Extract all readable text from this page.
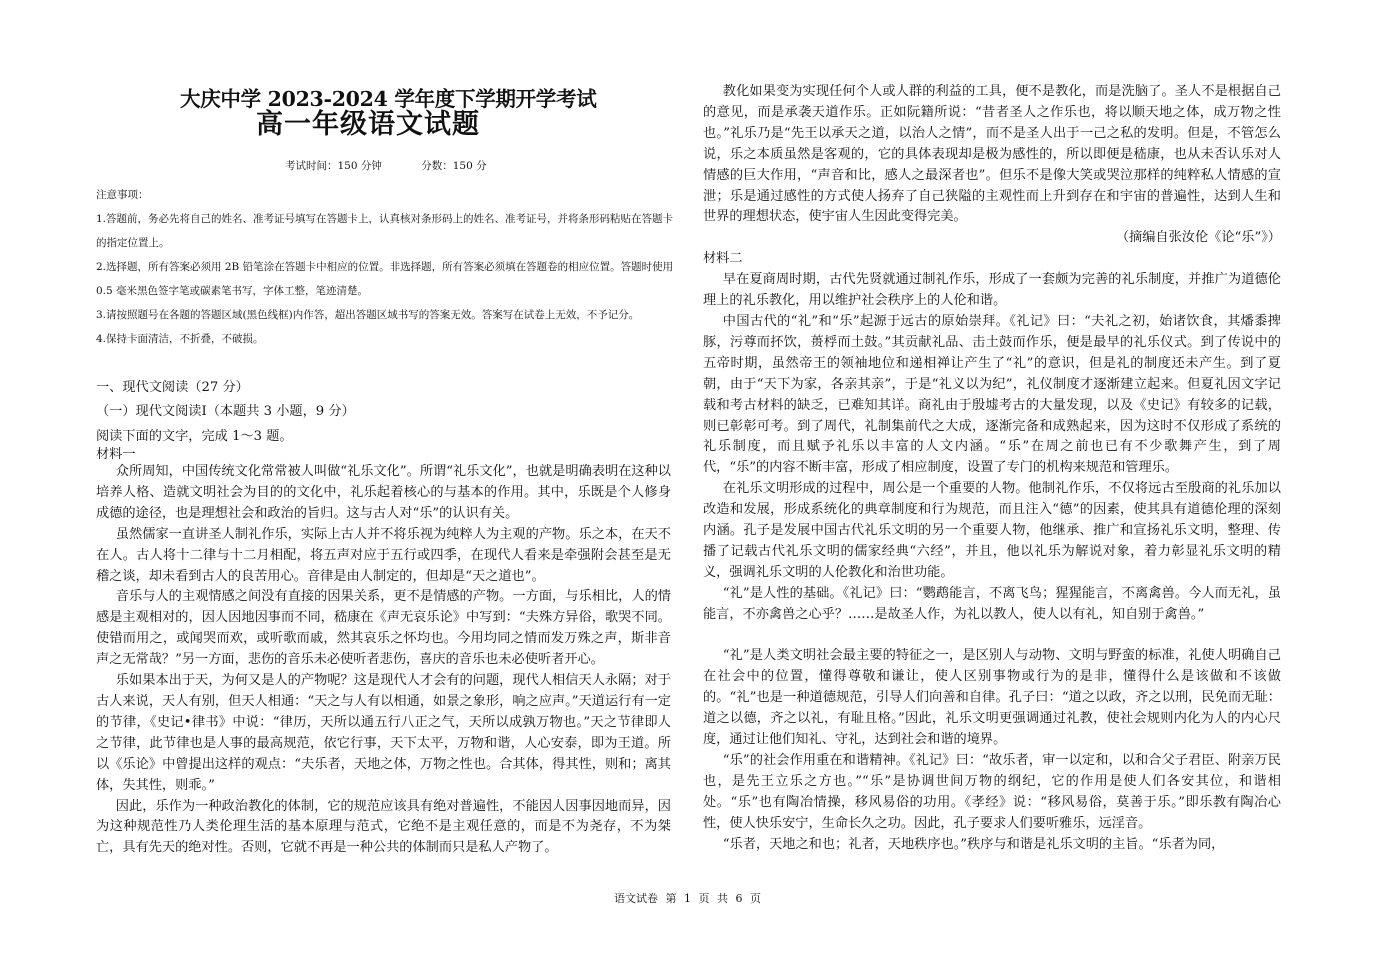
大庆中学 2023-2024 学年度下学期开学考试
高一年级语文试题
考试时间：150 分钟	分数：150 分

注意事项：

1.答题前，务必先将自己的姓名、准考证号填写在答题卡上，认真核对条形码上的姓名、准考证号，并将条形码粘贴在答题卡的指定位置上。

2.选择题，所有答案必须用 2B 铅笔涂在答题卡中相应的位置。非选择题，所有答案必须填在答题卷的相应位置。答题时使用 0.5 毫米黑色签字笔或碳素笔书写，字体工整，笔迹清楚。

3.请按照题号在各题的答题区域(黑色线框)内作答，超出答题区域书写的答案无效。答案写在试卷上无效，不予记分。

4.保持卡面清洁，不折叠，不破损。

一、现代文阅读（27 分）
（一）现代文阅读Ⅰ（本题共 3 小题，9 分）
阅读下面的文字，完成 1～3 题。
材料一

众所周知，中国传统文化常常被人叫做“礼乐文化”。所谓“礼乐文化”，也就是明确表明在这种以培养人格、造就文明社会为目的的文化中，礼乐起着核心的与基本的作用。其中，乐既是个人修身成德的途径，也是理想社会和政治的旨归。这与古人对“乐”的认识有关。

虽然儒家一直讲圣人制礼作乐，实际上古人并不将乐视为纯粹人为主观的产物。乐之本，在天不在人。古人将十二律与十二月相配，将五声对应于五行或四季，在现代人看来是牵强附会甚至是无稽之谈，却未看到古人的良苦用心。音律是由人制定的，但却是“天之道也”。

音乐与人的主观情感之间没有直接的因果关系，更不是情感的产物。一方面，与乐相比，人的情感是主观相对的，因人因地因事而不同，嵇康在《声无哀乐论》中写到：“夫殊方异俗，歌哭不同。使错而用之，或闻哭而欢，或听歌而戚，然其哀乐之怀均也。今用均同之情而发万殊之声，斯非音声之无常哉？”另一方面，悲伤的音乐未必使听者悲伤，喜庆的音乐也未必使听者开心。

乐如果本出于天，为何又是人的产物呢？这是现代人才会有的问题，现代人相信天人永隔；对于古人来说，天人有别，但天人相通：“天之与人有以相通，如景之象形，响之应声。”天道运行有一定的节律，《史记•律书》中说：“律历，天所以通五行八正之气，天所以成孰万物也。”天之节律即人之节律，此节律也是人事的最高规范，依它行事，天下太平，万物和谐，人心安泰，即为王道。所以《乐论》中曾提出这样的观点：“夫乐者，天地之体，万物之性也。合其体，得其性，则和；离其体，失其性，则乖。”

因此，乐作为一种政治教化的体制，它的规范应该具有绝对普遍性，不能因人因事因地而异，因为这种规范性乃人类伦理生活的基本原理与范式，它绝不是主观任意的，而是不为尧存，不为桀亡，具有先天的绝对性。否则，它就不再是一种公共的体制而只是私人产物了。

教化如果变为实现任何个人或人群的利益的工具，便不是教化，而是洗脑了。圣人不是根据自己的意见，而是承袭天道作乐。正如阮籍所说：“昔者圣人之作乐也，将以顺天地之体，成万物之性也。”礼乐乃是“先王以承天之道，以治人之情”，而不是圣人出于一己之私的发明。但是，不管怎么说，乐之本质虽然是客观的，它的具体表现却是极为感性的，所以即便是嵇康，也从未否认乐对人情感的巨大作用，“声音和比，感人之最深者也”。但乐不是像大笑或哭泣那样的纯粹私人情感的宣泄；乐是通过感性的方式使人扬弃了自己狭隘的主观性而上升到存在和宇宙的普遍性，达到人生和世界的理想状态，使宇宙人生因此变得完美。

（摘编自张汝伦《论“乐”》）

材料二

早在夏商周时期，古代先贤就通过制礼作乐，形成了一套颇为完善的礼乐制度，并推广为道德伦理上的礼乐教化，用以维护社会秩序上的人伦和谐。

中国古代的“礼”和“乐”起源于远古的原始崇拜。《礼记》曰：“夫礼之初，始诸饮食，其燔黍捭豚，污尊而抔饮，蒉桴而土鼓。”其贡献礼品、击土鼓而作乐，便是最早的礼乐仪式。到了传说中的五帝时期，虽然帝王的领袖地位和递相禅让产生了“礼”的意识，但是礼的制度还未产生。到了夏朝，由于“天下为家，各亲其亲”，于是“礼义以为纪”，礼仪制度才逐渐建立起来。但夏礼因文字记载和考古材料的缺乏，已难知其详。商礼由于殷墟考古的大量发现，以及《史记》有较多的记载，则已彰彰可考。到了周代，礼制集前代之大成，逐渐完备和成熟起来，因为这时不仅形成了系统的礼乐制度，而且赋予礼乐以丰富的人文内涵。“乐”在周之前也已有不少歌舞产生，到了周代，“乐”的内容不断丰富，形成了相应制度，设置了专门的机构来规范和管理乐。

在礼乐文明形成的过程中，周公是一个重要的人物。他制礼作乐，不仅将远古至殷商的礼乐加以改造和发展，形成系统化的典章制度和行为规范，而且注入“德”的因素，使其具有道德伦理的深刻内涵。孔子是发展中国古代礼乐文明的另一个重要人物，他继承、推广和宣扬礼乐文明，整理、传播了记载古代礼乐文明的儒家经典“六经”，并且，他以礼乐为解说对象，着力彰显礼乐文明的精义，强调礼乐文明的人伦教化和治世功能。

“礼”是人性的基础。《礼记》曰：“鹦鹉能言，不离飞鸟；猩猩能言，不离禽兽。今人而无礼，虽能言，不亦禽兽之心乎？……是故圣人作，为礼以教人，使人以有礼，知自别于禽兽。”

“礼”是人类文明社会最主要的特征之一，是区别人与动物、文明与野蛮的标准，礼使人明确自己在社会中的位置，懂得尊敬和谦让，使人区别事物或行为的是非，懂得什么是该做和不该做的。“礼”也是一种道德规范，引导人们向善和自律。孔子曰：“道之以政，齐之以刑，民免而无耻：道之以德，齐之以礼，有耻且格。”因此，礼乐文明更强调通过礼教，使社会规则内化为人的内心尺度，通过让他们知礼、守礼，达到社会和谐的境界。

“乐”的社会作用重在和谐精神。《礼记》曰：“故乐者，审一以定和，以和合父子君臣、附亲万民也，是先王立乐之方也。”“乐”是协调世间万物的纲纪，它的作用是使人们各安其位，和谐相处。“乐”也有陶冶情操，移风易俗的功用。《孝经》说：“移风易俗，莫善于乐。”即乐教有陶冶心性，使人快乐安宁，生命长久之功。因此，孔子要求人们要听雅乐，远淫音。

“乐者，天地之和也；礼者，天地秩序也。”秩序与和谐是礼乐文明的主旨。“乐者为同，

语文试卷 第 1 页 共 6 页
